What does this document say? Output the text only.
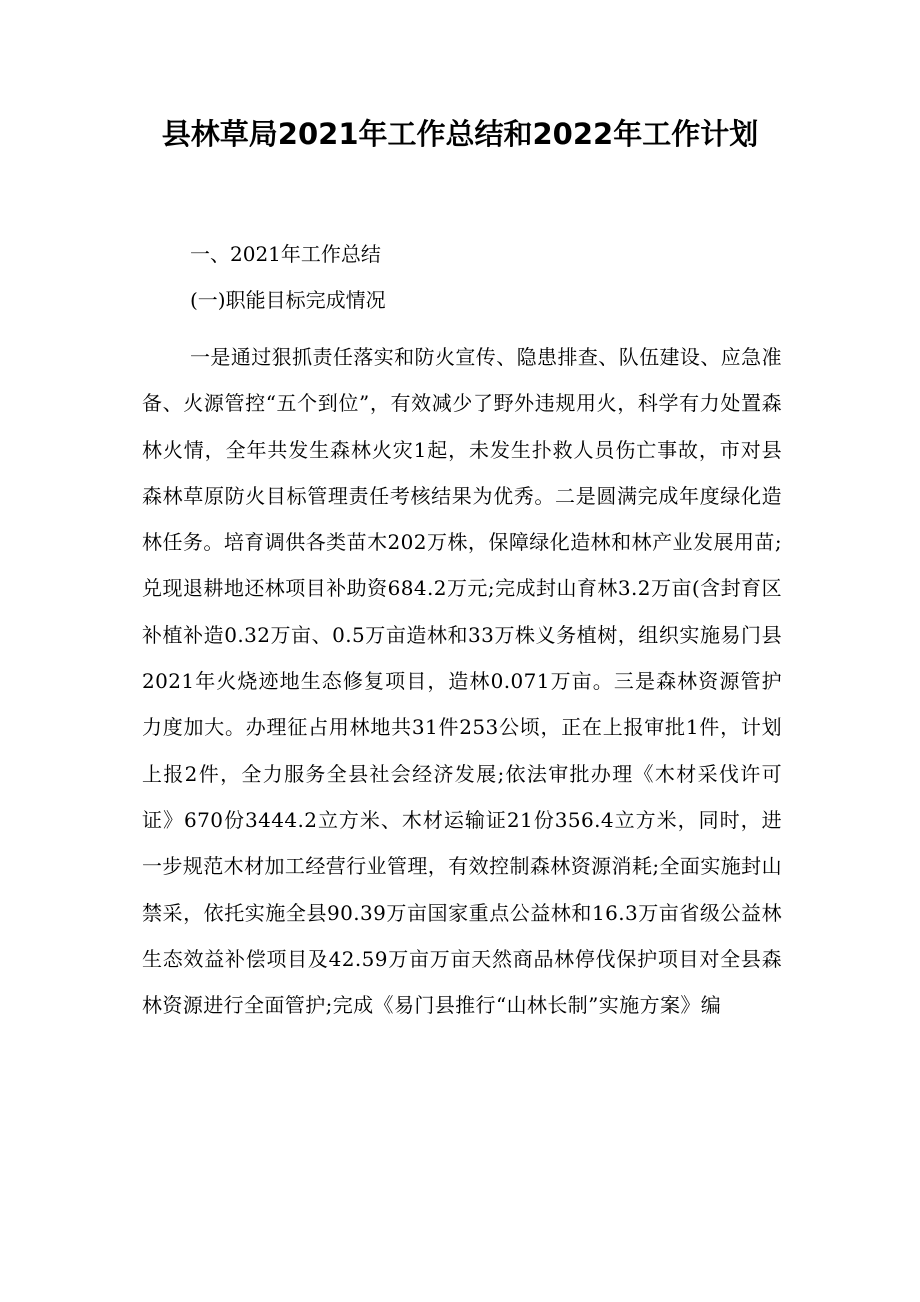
县林草局2021年工作总结和2022年工作计划

一、2021年工作总结

(一)职能目标完成情况

一是通过狠抓责任落实和防火宣传、隐患排查、队伍建设、应急准备、火源管控“五个到位”，有效减少了野外违规用火，科学有力处置森林火情，全年共发生森林火灾1起，未发生扑救人员伤亡事故，市对县森林草原防火目标管理责任考核结果为优秀。二是圆满完成年度绿化造林任务。培育调供各类苗木202万株，保障绿化造林和林产业发展用苗;兑现退耕地还林项目补助资684.2万元;完成封山育林3.2万亩(含封育区补植补造0.32万亩、0.5万亩造林和33万株义务植树，组织实施易门县2021年火烧迹地生态修复项目，造林0.071万亩。三是森林资源管护力度加大。办理征占用林地共31件253公顷，正在上报审批1件，计划上报2件，全力服务全县社会经济发展;依法审批办理《木材采伐许可证》670份3444.2立方米、木材运输证21份356.4立方米，同时，进一步规范木材加工经营行业管理，有效控制森林资源消耗;全面实施封山禁采，依托实施全县90.39万亩国家重点公益林和16.3万亩省级公益林生态效益补偿项目及42.59万亩万亩天然商品林停伐保护项目对全县森林资源进行全面管护;完成《易门县推行“山林长制”实施方案》编
